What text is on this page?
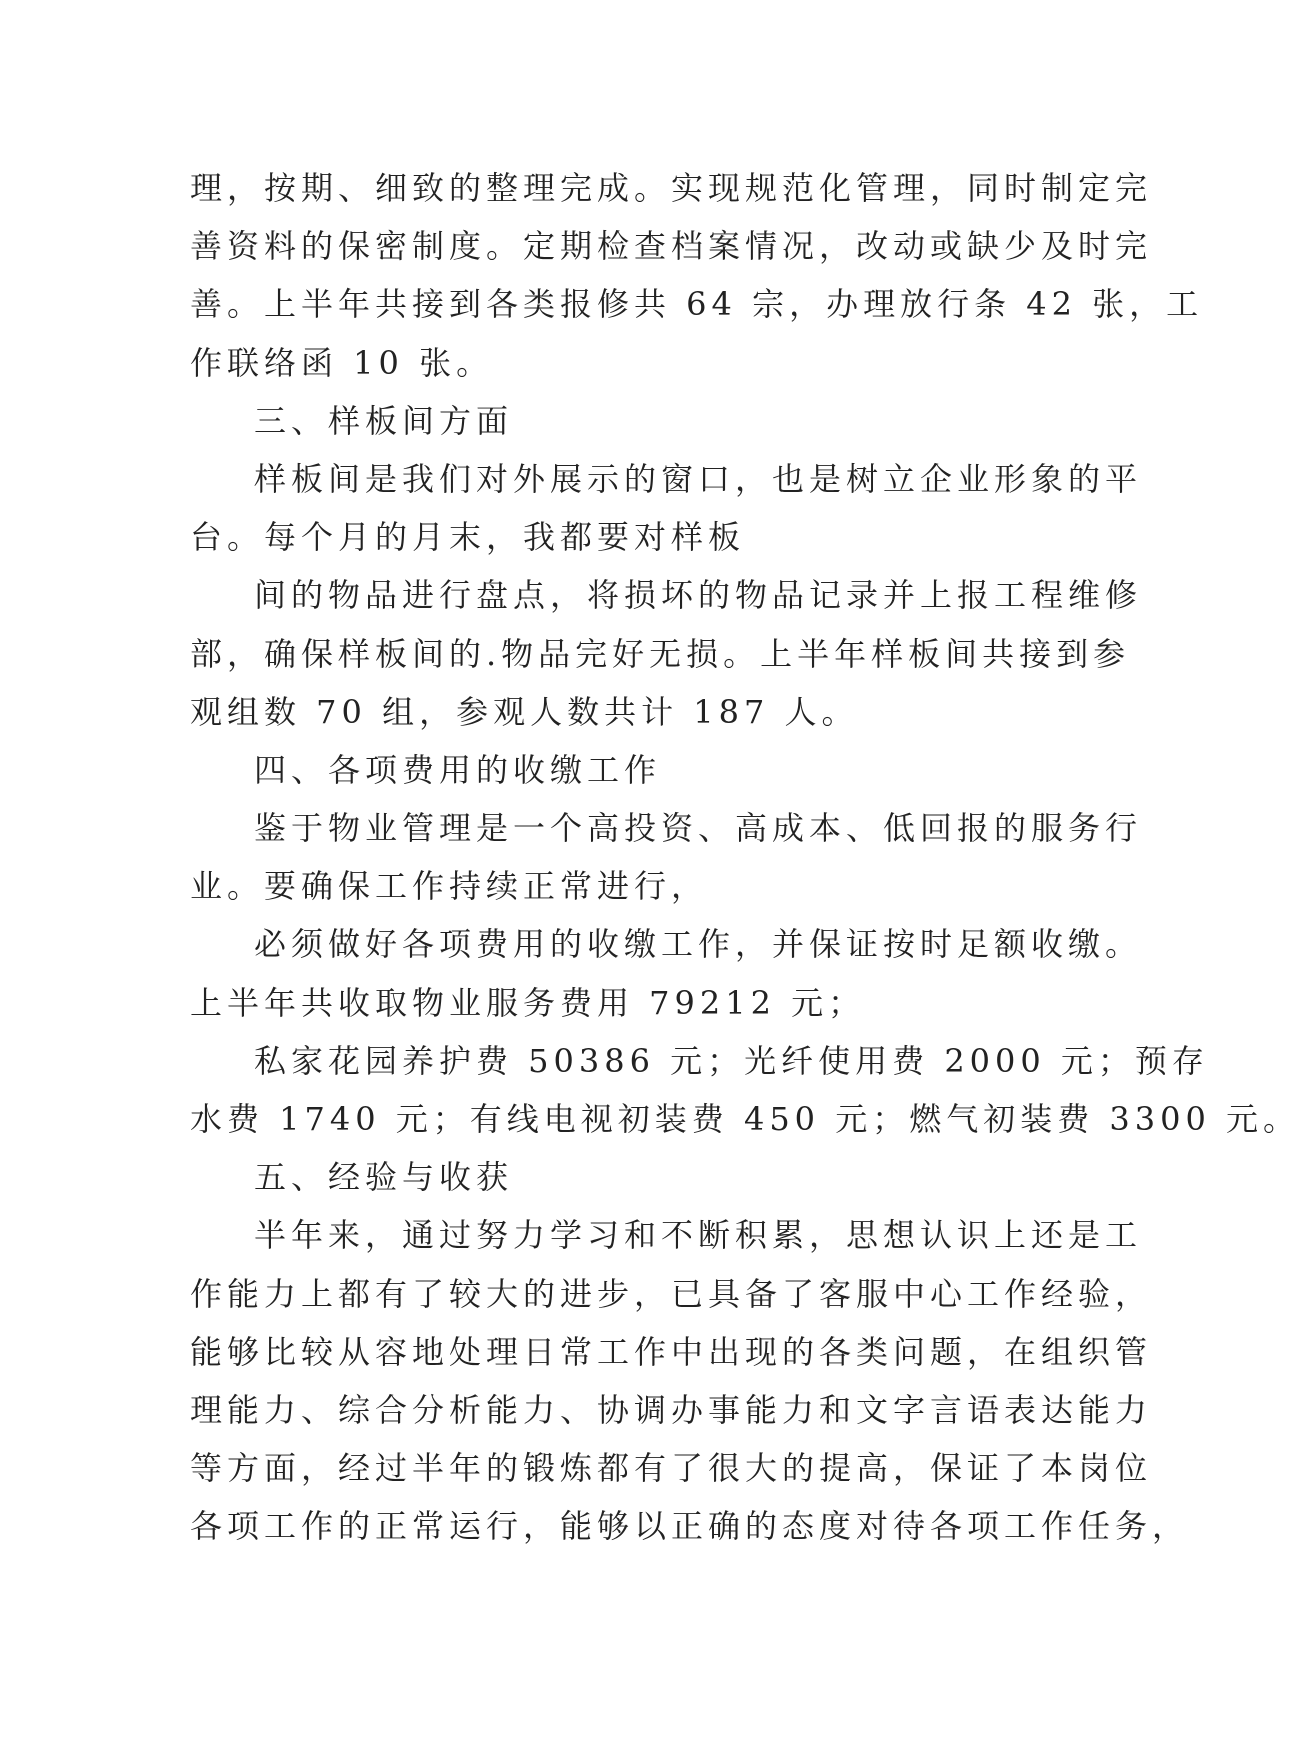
理，按期、细致的整理完成。实现规范化管理，同时制定完
善资料的保密制度。定期检查档案情况，改动或缺少及时完
善。上半年共接到各类报修共 64 宗，办理放行条 42 张，工
作联络函 10 张。
三、样板间方面
样板间是我们对外展示的窗口，也是树立企业形象的平
台。每个月的月末，我都要对样板
间的物品进行盘点，将损坏的物品记录并上报工程维修
部，确保样板间的.物品完好无损。上半年样板间共接到参
观组数 70 组，参观人数共计 187 人。
四、各项费用的收缴工作
鉴于物业管理是一个高投资、高成本、低回报的服务行
业。要确保工作持续正常进行，
必须做好各项费用的收缴工作，并保证按时足额收缴。
上半年共收取物业服务费用 79212 元；
私家花园养护费 50386 元；光纤使用费 2000 元；预存
水费 1740 元；有线电视初装费 450 元；燃气初装费 3300 元。
五、经验与收获
半年来，通过努力学习和不断积累，思想认识上还是工
作能力上都有了较大的进步，已具备了客服中心工作经验，
能够比较从容地处理日常工作中出现的各类问题，在组织管
理能力、综合分析能力、协调办事能力和文字言语表达能力
等方面，经过半年的锻炼都有了很大的提高，保证了本岗位
各项工作的正常运行，能够以正确的态度对待各项工作任务，
